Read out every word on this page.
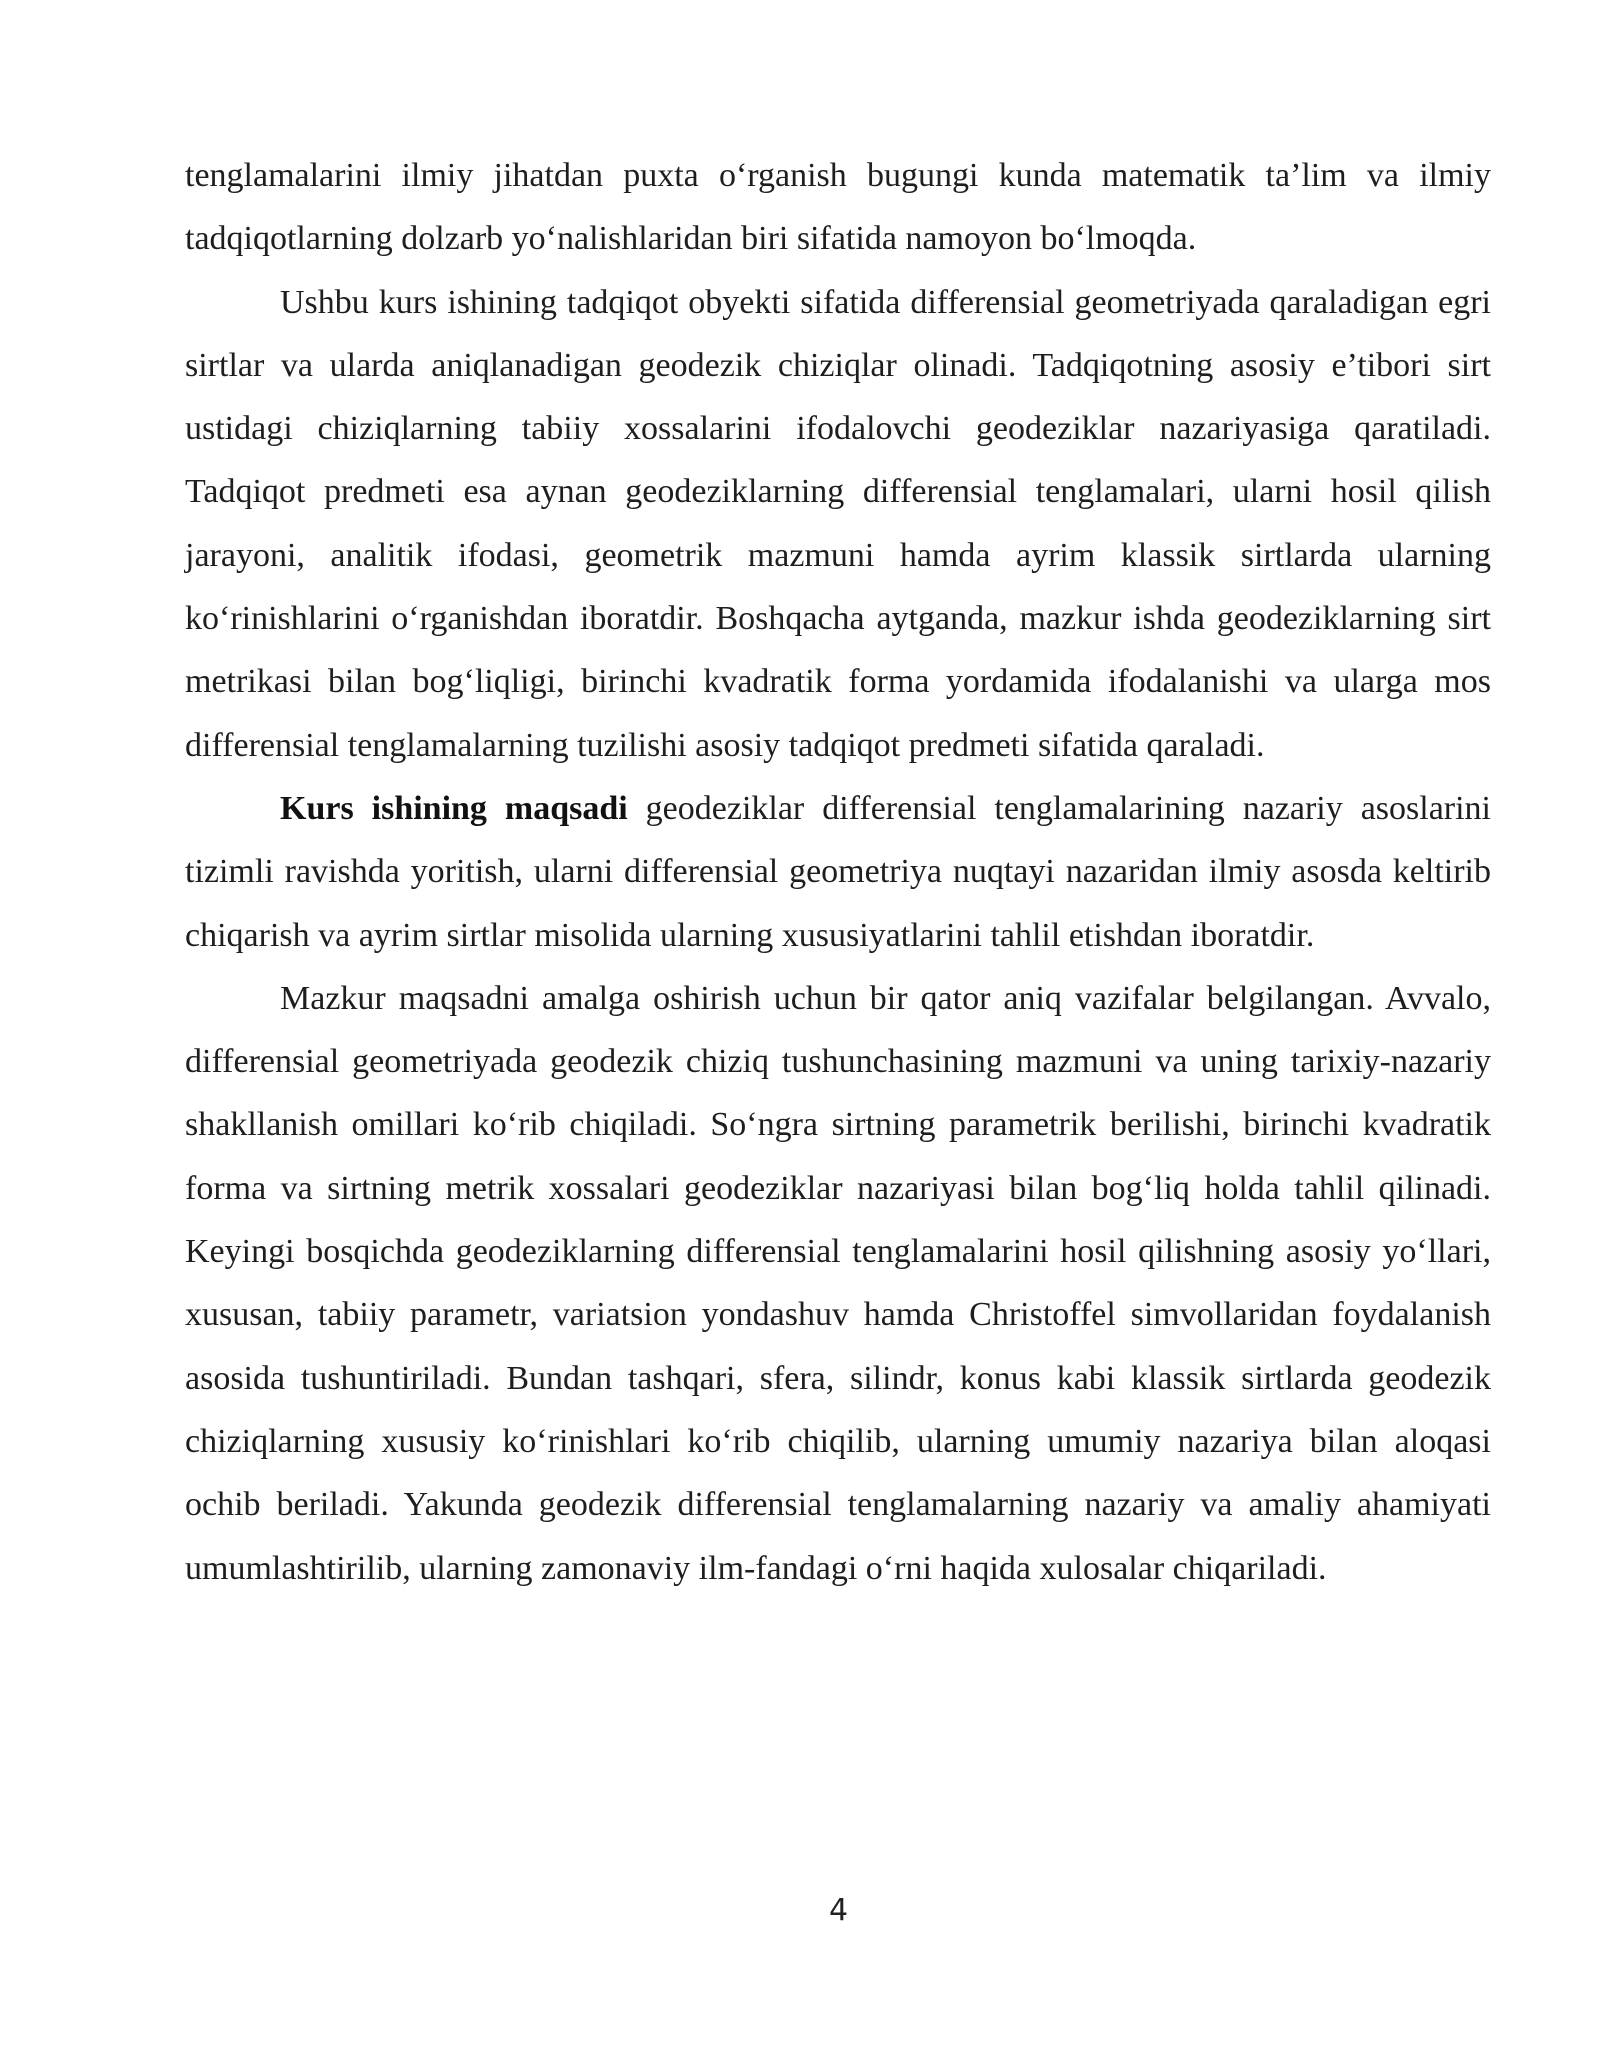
tenglamalarini ilmiy jihatdan puxta o‘rganish bugungi kunda matematik ta’lim va ilmiy tadqiqotlarning dolzarb yo‘nalishlaridan biri sifatida namoyon bo‘lmoqda.

Ushbu kurs ishining tadqiqot obyekti sifatida differensial geometriyada qaraladigan egri sirtlar va ularda aniqlanadigan geodezik chiziqlar olinadi. Tadqiqotning asosiy e’tibori sirt ustidagi chiziqlarning tabiiy xossalarini ifodalovchi geodeziklar nazariyasiga qaratiladi. Tadqiqot predmeti esa aynan geodeziklarning differensial tenglamalari, ularni hosil qilish jarayoni, analitik ifodasi, geometrik mazmuni hamda ayrim klassik sirtlarda ularning ko‘rinishlarini o‘rganishdan iboratdir. Boshqacha aytganda, mazkur ishda geodeziklarning sirt metrikasi bilan bog‘liqligi, birinchi kvadratik forma yordamida ifodalanishi va ularga mos differensial tenglamalarning tuzilishi asosiy tadqiqot predmeti sifatida qaraladi.

Kurs ishining maqsadi geodeziklar differensial tenglamalarining nazariy asoslarini tizimli ravishda yoritish, ularni differensial geometriya nuqtayi nazaridan ilmiy asosda keltirib chiqarish va ayrim sirtlar misolida ularning xususiyatlarini tahlil etishdan iboratdir.

Mazkur maqsadni amalga oshirish uchun bir qator aniq vazifalar belgilangan. Avvalo, differensial geometriyada geodezik chiziq tushunchasining mazmuni va uning tarixiy-nazariy shakllanish omillari ko‘rib chiqiladi. So‘ngra sirtning parametrik berilishi, birinchi kvadratik forma va sirtning metrik xossalari geodeziklar nazariyasi bilan bog‘liq holda tahlil qilinadi. Keyingi bosqichda geodeziklarning differensial tenglamalarini hosil qilishning asosiy yo‘llari, xususan, tabiiy parametr, variatsion yondashuv hamda Christoffel simvollaridan foydalanish asosida tushuntiriladi. Bundan tashqari, sfera, silindr, konus kabi klassik sirtlarda geodezik chiziqlarning xususiy ko‘rinishlari ko‘rib chiqilib, ularning umumiy nazariya bilan aloqasi ochib beriladi. Yakunda geodezik differensial tenglamalarning nazariy va amaliy ahamiyati umumlashtirilib, ularning zamonaviy ilm-fandagi o‘rni haqida xulosalar chiqariladi.

4
